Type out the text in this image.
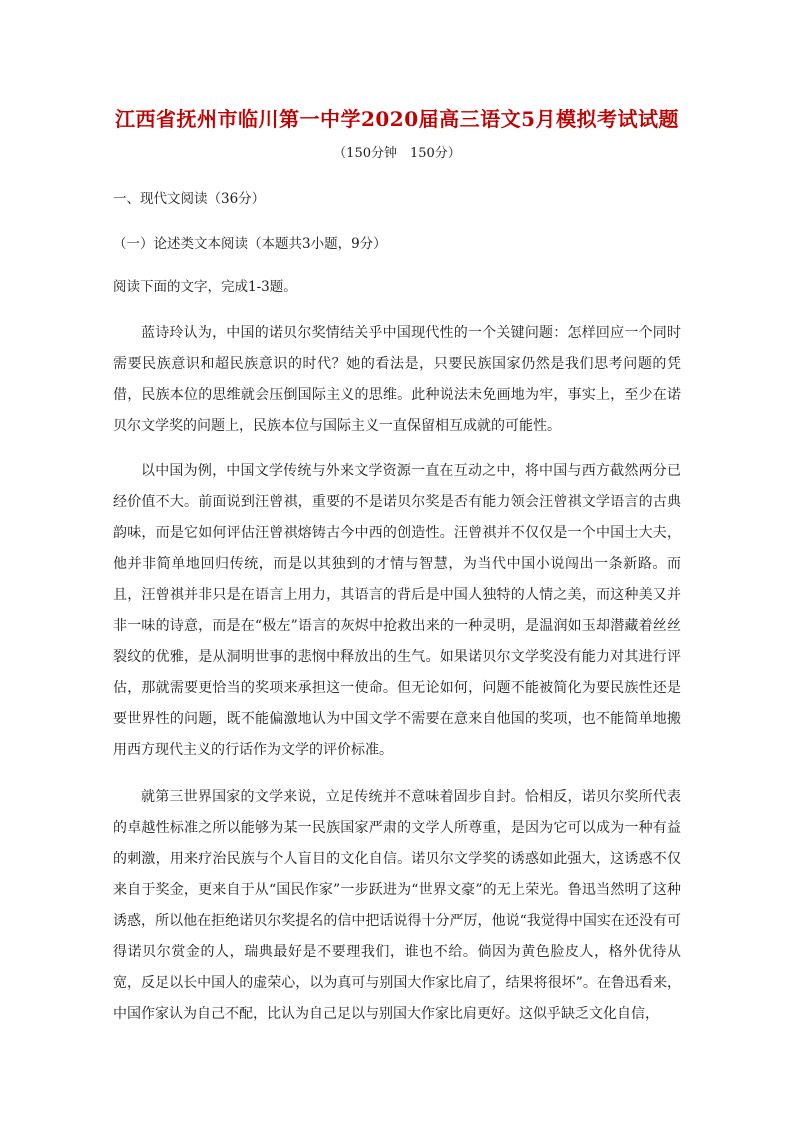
江西省抚州市临川第一中学2020届高三语文5月模拟考试试题
（150分钟　150分）
一、现代文阅读（36分）
（一）论述类文本阅读（本题共3小题，9分）
阅读下面的文字，完成1-3题。

蓝诗玲认为，中国的诺贝尔奖情结关乎中国现代性的一个关键问题：怎样回应一个同时需要民族意识和超民族意识的时代？她的看法是，只要民族国家仍然是我们思考问题的凭借，民族本位的思维就会压倒国际主义的思维。此种说法未免画地为牢，事实上，至少在诺贝尔文学奖的问题上，民族本位与国际主义一直保留相互成就的可能性。

以中国为例，中国文学传统与外来文学资源一直在互动之中，将中国与西方截然两分已经价值不大。前面说到汪曾祺，重要的不是诺贝尔奖是否有能力领会汪曾祺文学语言的古典韵味，而是它如何评估汪曾祺熔铸古今中西的创造性。汪曾祺并不仅仅是一个中国士大夫，他并非简单地回归传统，而是以其独到的才情与智慧，为当代中国小说闯出一条新路。而且，汪曾祺并非只是在语言上用力，其语言的背后是中国人独特的人情之美，而这种美又并非一味的诗意，而是在“极左”语言的灰烬中抢救出来的一种灵明，是温润如玉却潜藏着丝丝裂纹的优雅，是从洞明世事的悲悯中释放出的生气。如果诺贝尔文学奖没有能力对其进行评估，那就需要更恰当的奖项来承担这一使命。但无论如何，问题不能被简化为要民族性还是要世界性的问题，既不能偏激地认为中国文学不需要在意来自他国的奖项，也不能简单地搬用西方现代主义的行话作为文学的评价标准。

就第三世界国家的文学来说，立足传统并不意味着固步自封。恰相反，诺贝尔奖所代表的卓越性标准之所以能够为某一民族国家严肃的文学人所尊重，是因为它可以成为一种有益的刺激，用来疗治民族与个人盲目的文化自信。诺贝尔文学奖的诱惑如此强大，这诱惑不仅来自于奖金，更来自于从“国民作家”一步跃进为“世界文豪”的无上荣光。鲁迅当然明了这种诱惑，所以他在拒绝诺贝尔奖提名的信中把话说得十分严厉，他说“我觉得中国实在还没有可得诺贝尔赏金的人，瑞典最好是不要理我们，谁也不给。倘因为黄色脸皮人，格外优待从宽，反足以长中国人的虚荣心，以为真可与别国大作家比肩了，结果将很坏”。在鲁迅看来，中国作家认为自己不配，比认为自己足以与别国大作家比肩更好。这似乎缺乏文化自信，
